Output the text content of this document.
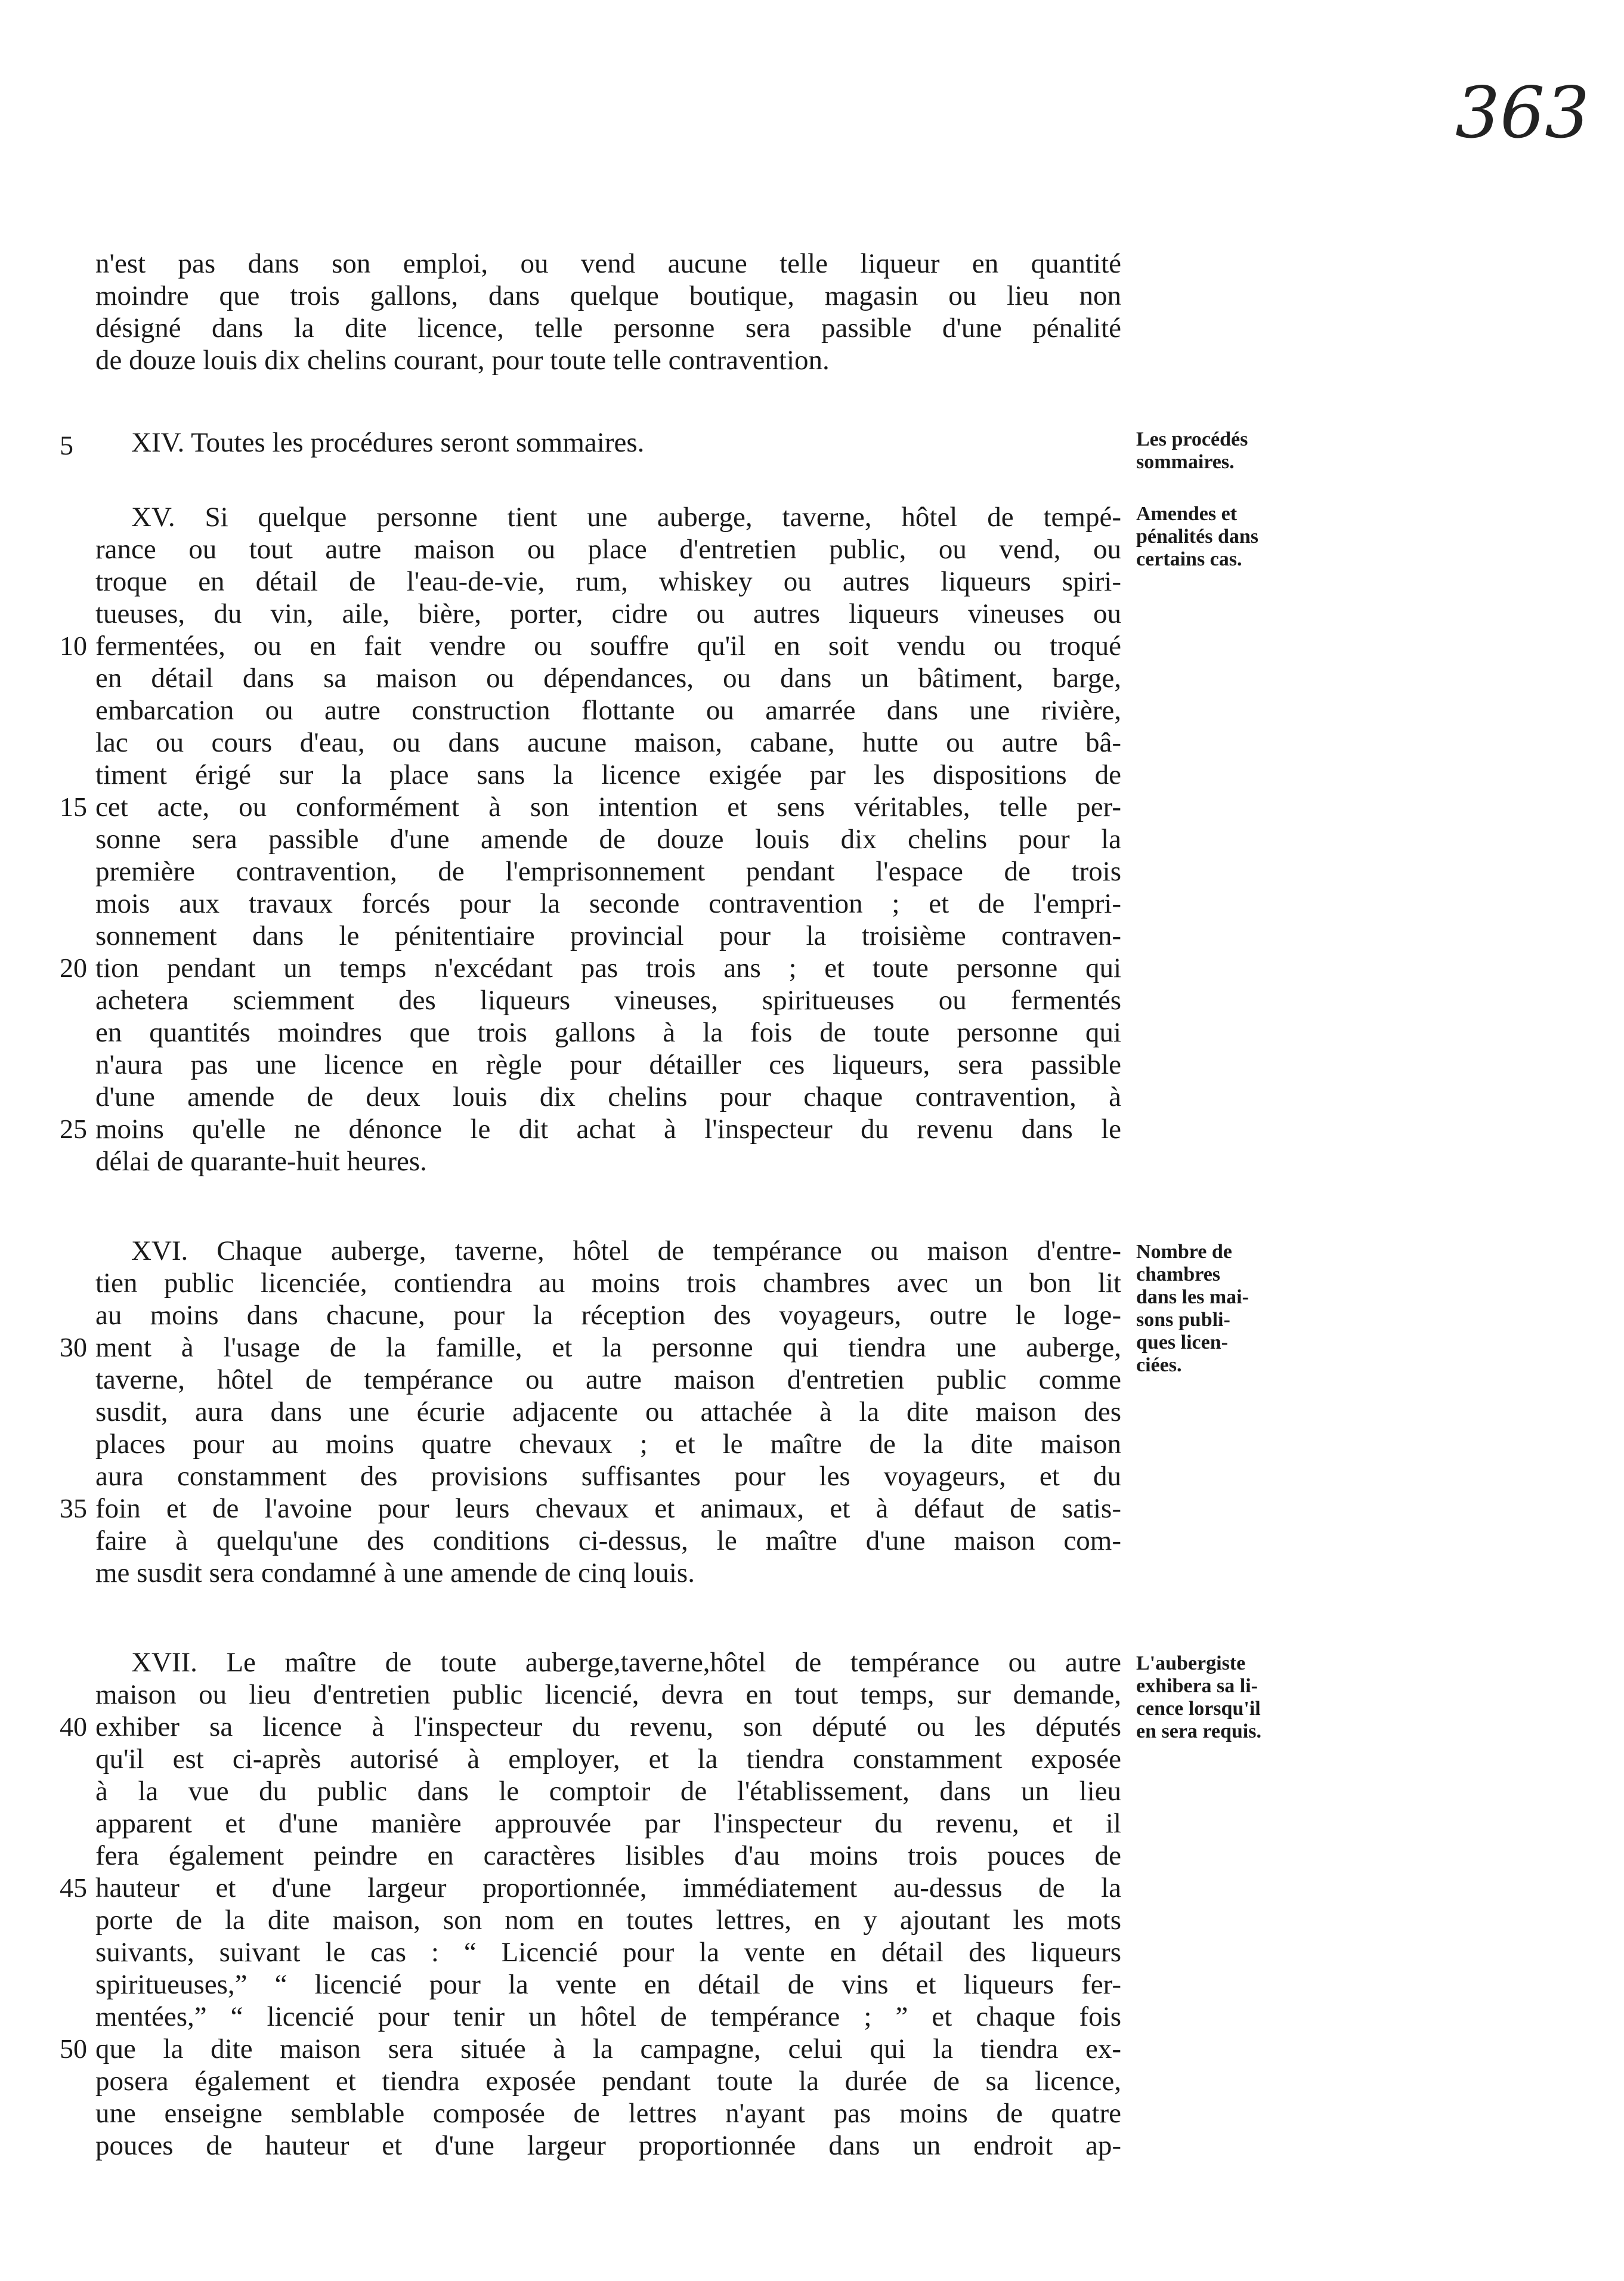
363
n'est pas dans son emploi, ou vend aucune telle liqueur en quantité
moindre que trois gallons, dans quelque boutique, magasin ou lieu non
désigné dans la dite licence, telle personne sera passible d'une pénalité
de douze louis dix chelins courant, pour toute telle contravention.
5	XIV. Toutes les procédures seront sommaires.	Les procédés
sommaires.
XV. Si quelque personne tient une auberge, taverne, hôtel de tempé-
rance ou tout autre maison ou place d'entretien public, ou vend, ou
troque en détail de l'eau-de-vie, rum, whiskey ou autres liqueurs spiri-
tueuses, du vin, aile, bière, porter, cidre ou autres liqueurs vineuses ou
fermentées, ou en fait vendre ou souffre qu'il en soit vendu ou troqué
en détail dans sa maison ou dépendances, ou dans un bâtiment, barge,
embarcation ou autre construction flottante ou amarrée dans une rivière,
lac ou cours d'eau, ou dans aucune maison, cabane, hutte ou autre bâ-
timent érigé sur la place sans la licence exigée par les dispositions de
cet acte, ou conformément à son intention et sens véritables, telle per-
sonne sera passible d'une amende de douze louis dix chelins pour la
première contravention, de l'emprisonnement pendant l'espace de trois
mois aux travaux forcés pour la seconde contravention ; et de l'empri-
sonnement dans le pénitentiaire provincial pour la troisième contraven-
tion pendant un temps n'excédant pas trois ans ; et toute personne qui
achetera sciemment des liqueurs vineuses, spiritueuses ou fermentés
en quantités moindres que trois gallons à la fois de toute personne qui
n'aura pas une licence en règle pour détailler ces liqueurs, sera passible
d'une amende de deux louis dix chelins pour chaque contravention, à
moins qu'elle ne dénonce le dit achat à l'inspecteur du revenu dans le
délai de quarante-huit heures.
10
15
20
25
Amendes et
pénalités dans
certains cas.
XVI. Chaque auberge, taverne, hôtel de tempérance ou maison d'entre-
tien public licenciée, contiendra au moins trois chambres avec un bon lit
au moins dans chacune, pour la réception des voyageurs, outre le loge-
ment à l'usage de la famille, et la personne qui tiendra une auberge,
taverne, hôtel de tempérance ou autre maison d'entretien public comme
susdit, aura dans une écurie adjacente ou attachée à la dite maison des
places pour au moins quatre chevaux ; et le maître de la dite maison
aura constamment des provisions suffisantes pour les voyageurs, et du
foin et de l'avoine pour leurs chevaux et animaux, et à défaut de satis-
faire à quelqu'une des conditions ci-dessus, le maître d'une maison com-
me susdit sera condamné à une amende de cinq louis.
30
35
Nombre de
chambres
dans les mai-
sons publi-
ques licen-
ciées.
XVII. Le maître de toute auberge,taverne,hôtel de tempérance ou autre
maison ou lieu d'entretien public licencié, devra en tout temps, sur demande,
exhiber sa licence à l'inspecteur du revenu, son député ou les députés
qu'il est ci-après autorisé à employer, et la tiendra constamment exposée
à la vue du public dans le comptoir de l'établissement, dans un lieu
apparent et d'une manière approuvée par l'inspecteur du revenu, et il
fera également peindre en caractères lisibles d'au moins trois pouces de
hauteur et d'une largeur proportionnée, immédiatement au-dessus de la
porte de la dite maison, son nom en toutes lettres, en y ajoutant les mots
suivants, suivant le cas : “ Licencié pour la vente en détail des liqueurs
spiritueuses,” “ licencié pour la vente en détail de vins et liqueurs fer-
mentées,” “ licencié pour tenir un hôtel de tempérance ; ” et chaque fois
que la dite maison sera située à la campagne, celui qui la tiendra ex-
posera également et tiendra exposée pendant toute la durée de sa licence,
une enseigne semblable composée de lettres n'ayant pas moins de quatre
pouces de hauteur et d'une largeur proportionnée dans un endroit ap-
40
45
50
L'aubergiste
exhibera sa li-
cence lorsqu'il
en sera requis.
